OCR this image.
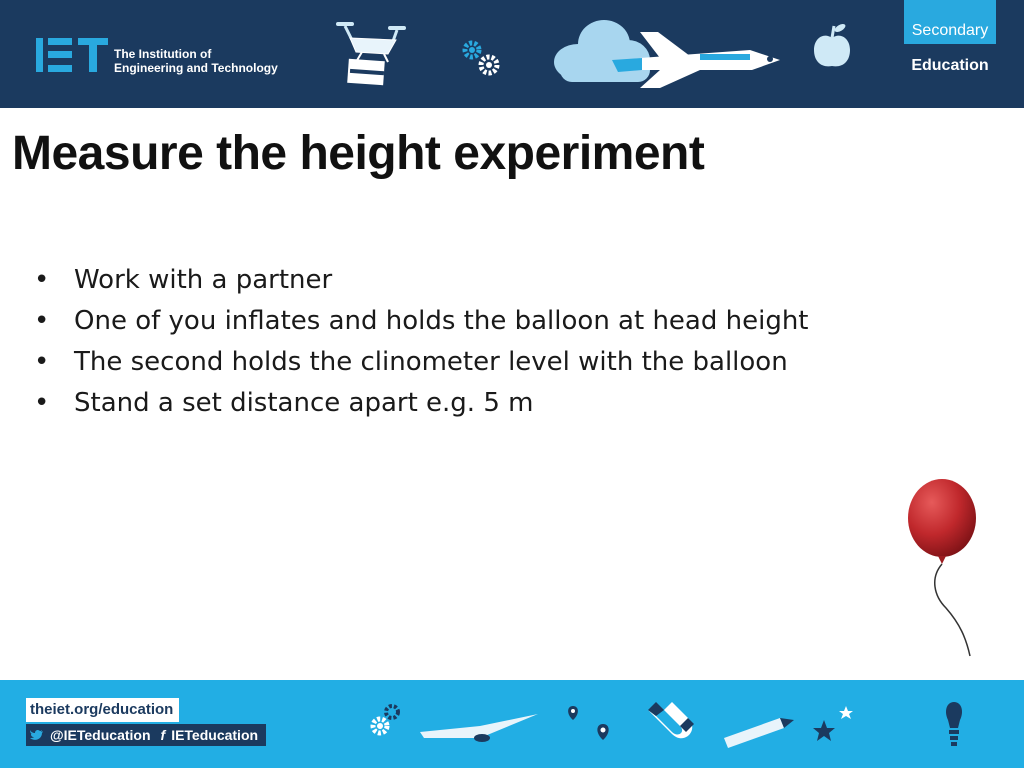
The Institution of
Engineering and Technology
Secondary
Education
Measure the height experiment
• Work with a partner
• One of you inflates and holds the balloon at head height
• The second holds the clinometer level with the balloon
• Stand a set distance apart e.g. 5 m
theiet.org/education
@IETeducation f IETeducation
